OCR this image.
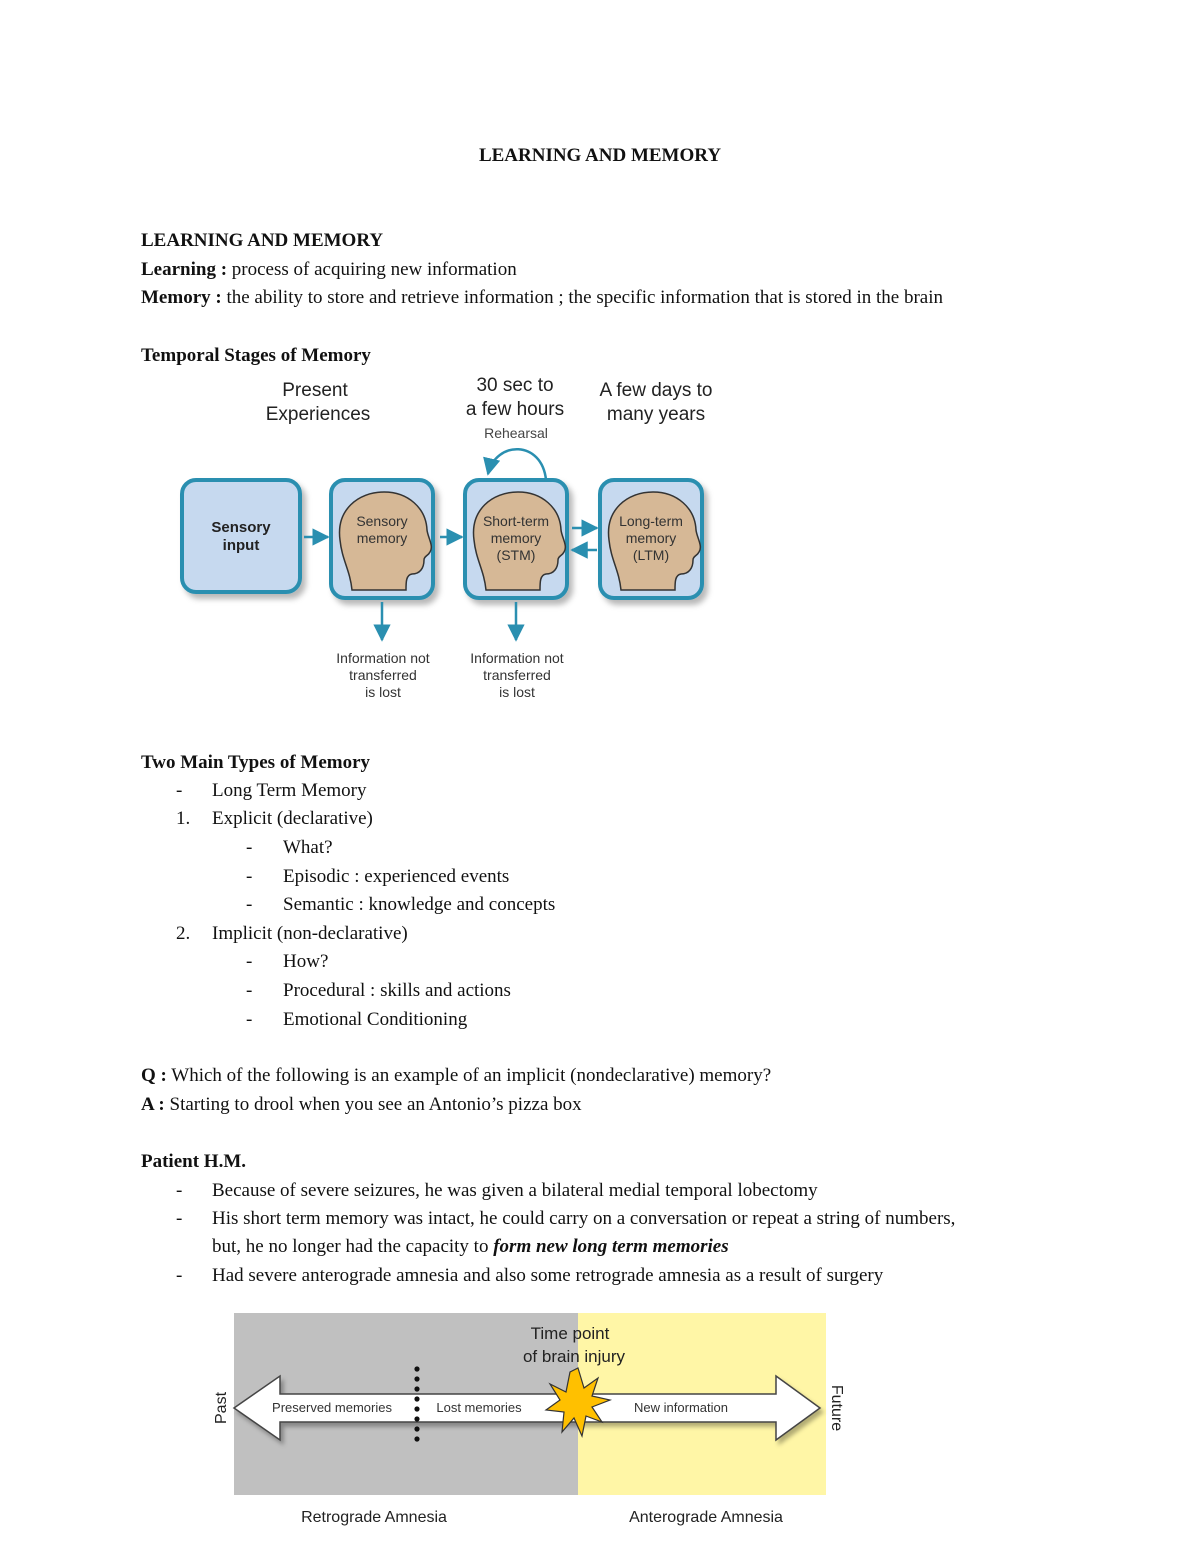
LEARNING AND MEMORY
LEARNING AND MEMORY
Learning : process of acquiring new information
Memory : the ability to store and retrieve information ; the specific information that is stored in the brain
Temporal Stages of Memory
Present
Experiences
30 sec to
a few hours
A few days to
many years
Rehearsal
Sensory
input
Sensory
memory
Short-term
memory
(STM)
Long-term
memory
(LTM)
Information not
transferred
is lost
Information not
transferred
is lost
Two Main Types of Memory
- Long Term Memory
1. Explicit (declarative)
- What?
- Episodic : experienced events
- Semantic : knowledge and concepts
2. Implicit (non-declarative)
- How?
- Procedural : skills and actions
- Emotional Conditioning
Q : Which of the following is an example of an implicit (nondeclarative) memory?
A : Starting to drool when you see an Antonio’s pizza box
Patient H.M.
- Because of severe seizures, he was given a bilateral medial temporal lobectomy
- His short term memory was intact, he could carry on a conversation or repeat a string of numbers,
but, he no longer had the capacity to form new long term memories
- Had severe anterograde amnesia and also some retrograde amnesia as a result of surgery
Time point
of brain injury
Preserved memories	Lost memories	New information
Past	Future
Retrograde Amnesia	Anterograde Amnesia
